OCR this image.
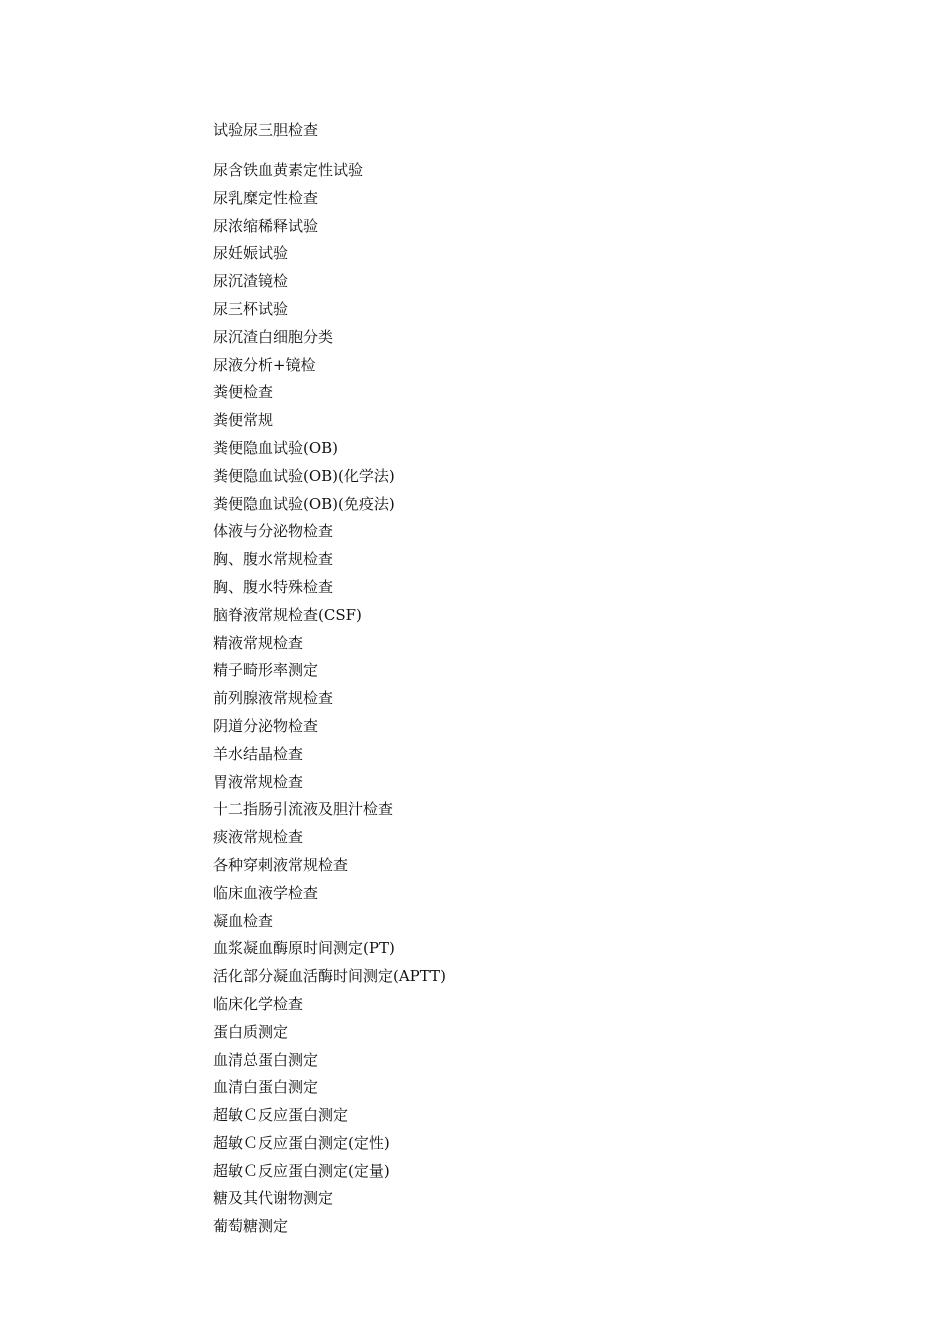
试验尿三胆检查
尿含铁血黄素定性试验
尿乳糜定性检查
尿浓缩稀释试验
尿妊娠试验
尿沉渣镜检
尿三杯试验
尿沉渣白细胞分类
尿液分析+镜检
粪便检查
粪便常规
粪便隐血试验(OB)
粪便隐血试验(OB)(化学法)
粪便隐血试验(OB)(免疫法)
体液与分泌物检查
胸、腹水常规检查
胸、腹水特殊检查
脑脊液常规检查(CSF)
精液常规检查
精子畸形率测定
前列腺液常规检查
阴道分泌物检查
羊水结晶检查
胃液常规检查
十二指肠引流液及胆汁检查
痰液常规检查
各种穿刺液常规检查
临床血液学检查
凝血检查
血浆凝血酶原时间测定(PT)
活化部分凝血活酶时间测定(APTT)
临床化学检查
蛋白质测定
血清总蛋白测定
血清白蛋白测定
超敏Ｃ反应蛋白测定
超敏Ｃ反应蛋白测定(定性)
超敏Ｃ反应蛋白测定(定量)
糖及其代谢物测定
葡萄糖测定
